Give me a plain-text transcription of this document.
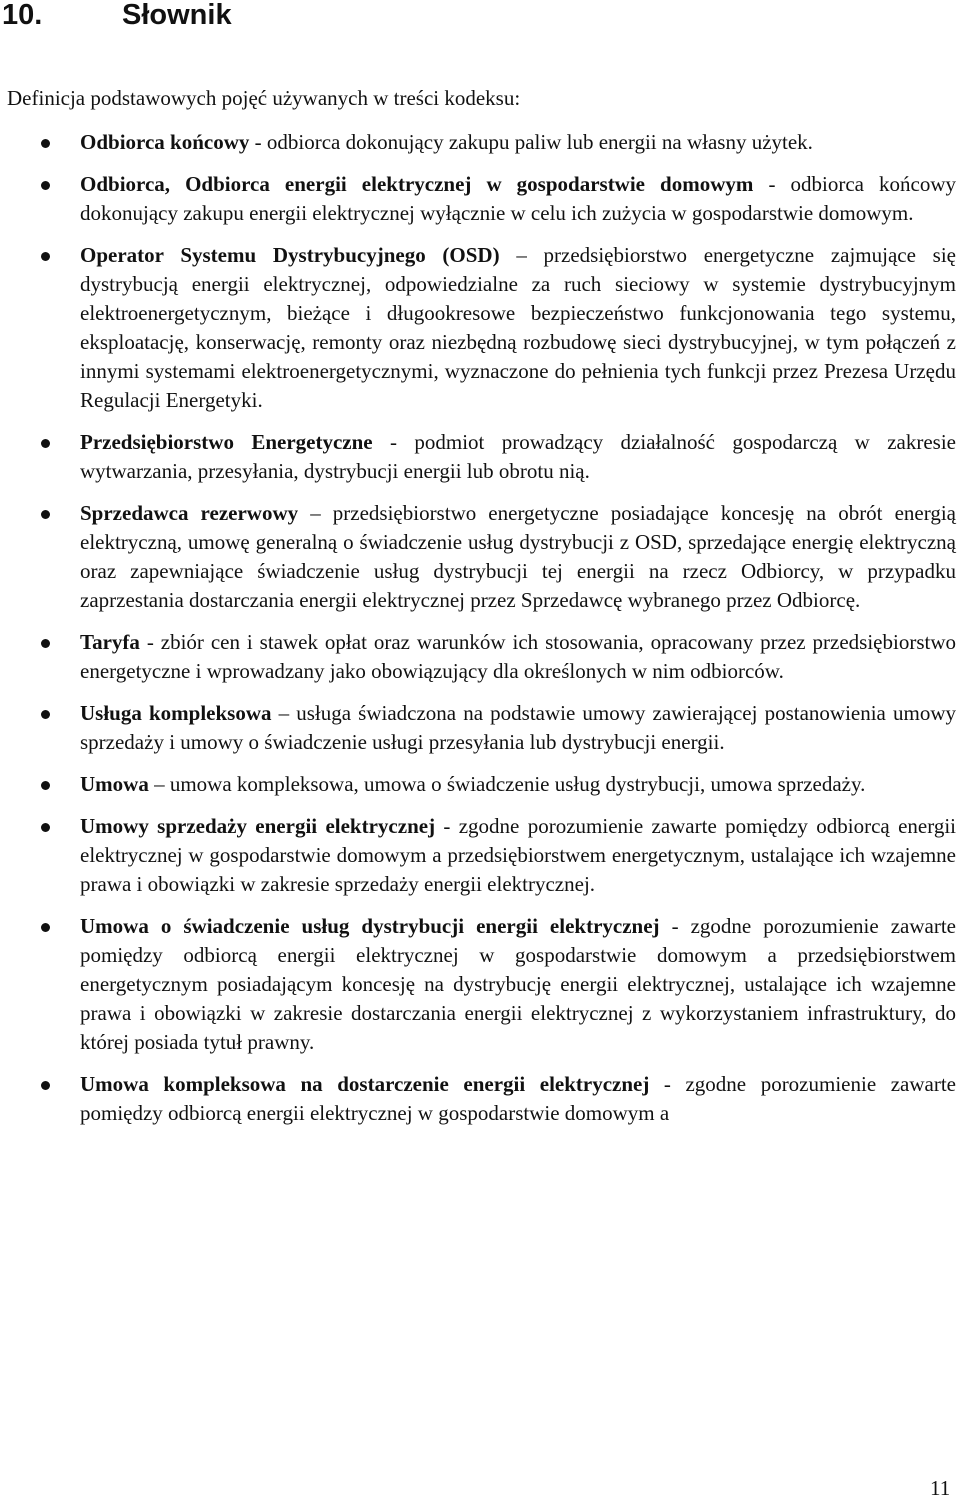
10.	Słownik
Definicja podstawowych pojęć używanych w treści kodeksu:
Odbiorca końcowy - odbiorca dokonujący zakupu paliw lub energii na własny użytek.
Odbiorca, Odbiorca energii elektrycznej w gospodarstwie domowym - odbiorca końcowy dokonujący zakupu energii elektrycznej wyłącznie w celu ich zużycia w gospodarstwie domowym.
Operator Systemu Dystrybucyjnego (OSD) – przedsiębiorstwo energetyczne zajmujące się dystrybucją energii elektrycznej, odpowiedzialne za ruch sieciowy w systemie dystrybucyjnym elektroenergetycznym, bieżące i długookresowe bezpieczeństwo funkcjonowania tego systemu, eksploatację, konserwację, remonty oraz niezbędną rozbudowę sieci dystrybucyjnej, w tym połączeń z innymi systemami elektroenergetycznymi, wyznaczone do pełnienia tych funkcji przez Prezesa Urzędu Regulacji Energetyki.
Przedsiębiorstwo Energetyczne - podmiot prowadzący działalność gospodarczą w zakresie wytwarzania, przesyłania, dystrybucji energii lub obrotu nią.
Sprzedawca rezerwowy – przedsiębiorstwo energetyczne posiadające koncesję na obrót energią elektryczną, umowę generalną o świadczenie usług dystrybucji z OSD, sprzedające energię elektryczną oraz zapewniające świadczenie usług dystrybucji tej energii na rzecz Odbiorcy, w przypadku zaprzestania dostarczania energii elektrycznej przez Sprzedawcę wybranego przez Odbiorcę.
Taryfa - zbiór cen i stawek opłat oraz warunków ich stosowania, opracowany przez przedsiębiorstwo energetyczne i wprowadzany jako obowiązujący dla określonych w nim odbiorców.
Usługa kompleksowa – usługa świadczona na podstawie umowy zawierającej postanowienia umowy sprzedaży i umowy o świadczenie usługi przesyłania lub dystrybucji energii.
Umowa – umowa kompleksowa, umowa o świadczenie usług dystrybucji, umowa sprzedaży.
Umowy sprzedaży energii elektrycznej - zgodne porozumienie zawarte pomiędzy odbiorcą energii elektrycznej w gospodarstwie domowym a przedsiębiorstwem energetycznym, ustalające ich wzajemne prawa i obowiązki w zakresie sprzedaży energii elektrycznej.
Umowa o świadczenie usług dystrybucji energii elektrycznej - zgodne porozumienie zawarte pomiędzy odbiorcą energii elektrycznej w gospodarstwie domowym a przedsiębiorstwem energetycznym posiadającym koncesję na dystrybucję energii elektrycznej, ustalające ich wzajemne prawa i obowiązki w zakresie dostarczania energii elektrycznej z wykorzystaniem infrastruktury, do której posiada tytuł prawny.
Umowa kompleksowa na dostarczenie energii elektrycznej - zgodne porozumienie zawarte pomiędzy odbiorcą energii elektrycznej w gospodarstwie domowym a
11
